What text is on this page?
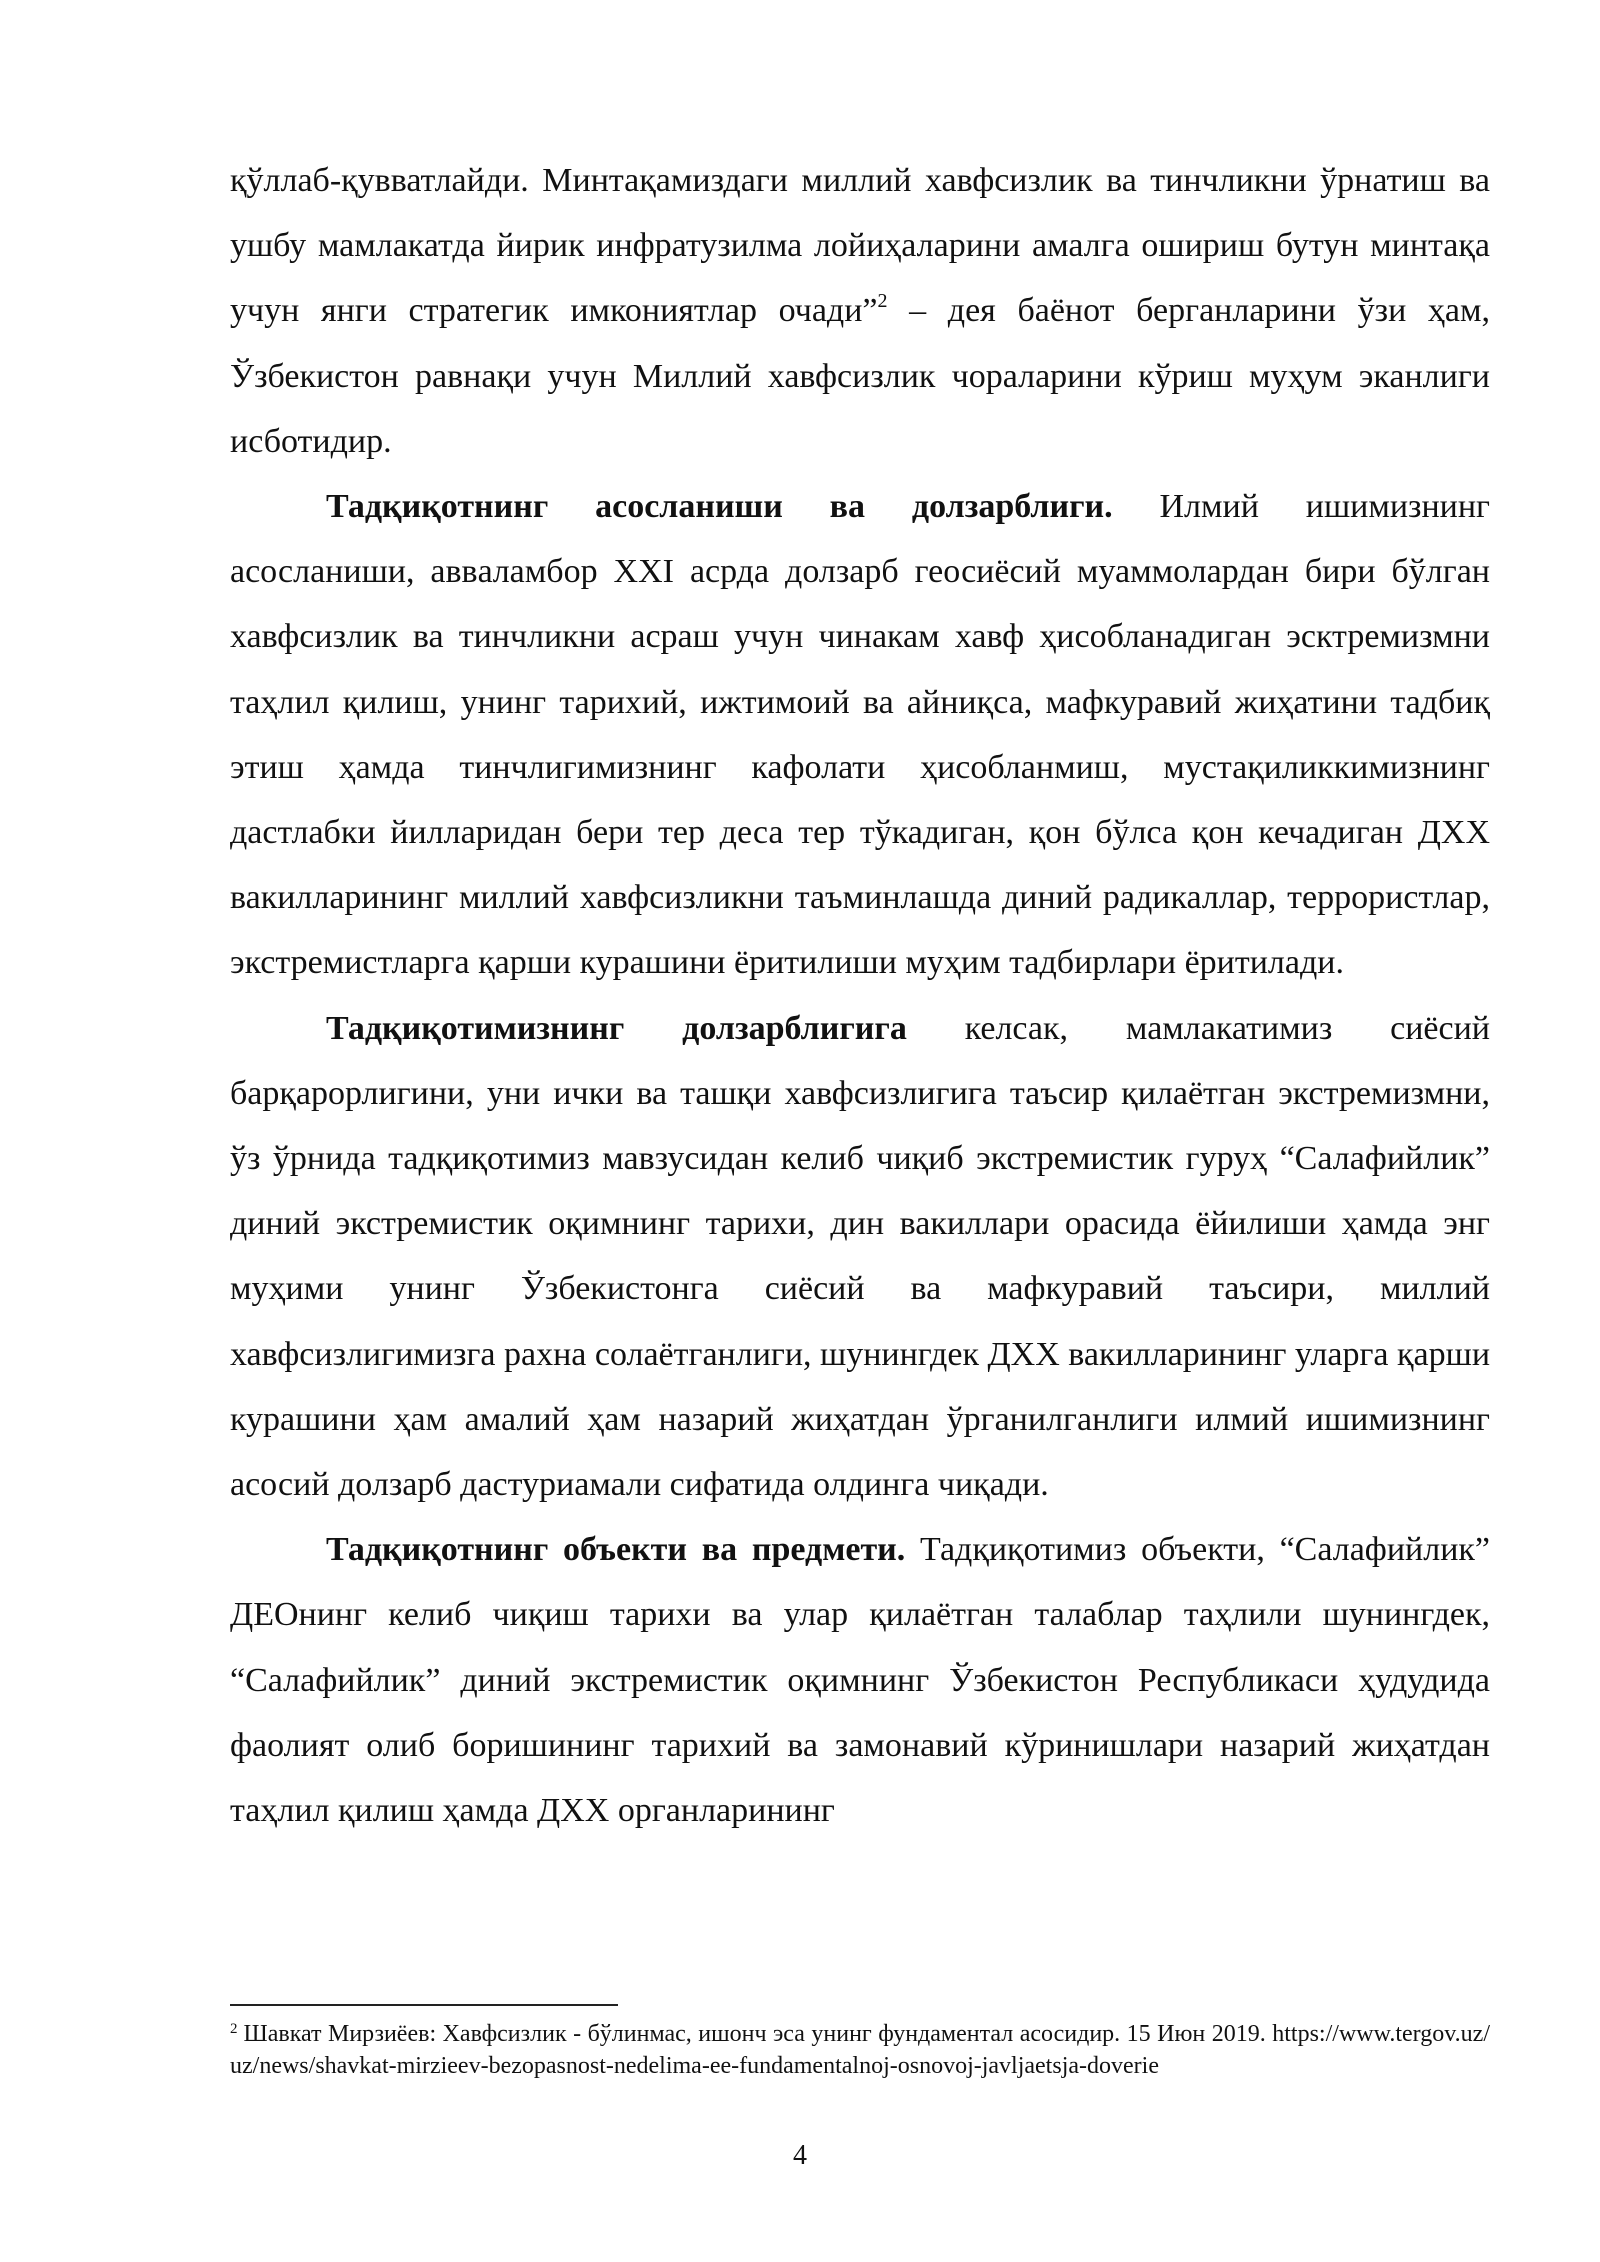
қўллаб-қувватлайди. Минтақамиздаги миллий хавфсизлик ва тинчликни ўрнатиш ва ушбу мамлакатда йирик инфратузилма лойиҳаларини амалга ошириш бутун минтақа учун янги стратегик имкониятлар очади”$^2$ – дея баёнот берганларини ўзи ҳам, Ўзбекистон равнақи учун Миллий хавфсизлик чораларини кўриш муҳум эканлиги исботидир.

Тадқиқотнинг асосланиши ва долзарблиги. Илмий ишимизнинг асосланиши, аввaламбор XXI асрда долзарб геосиёсий муаммолардан бири бўлган хавфсизлик ва тинчликни асраш учун чинакам хавф ҳисобланадиган эсктремизмни таҳлил қилиш, унинг тарихий, ижтимоий ва айниқса, мафкуравий жиҳатини тадбиқ этиш ҳамда тинчлигимизнинг кафолати ҳисобланмиш, мустақиликкимизнинг дастлабки йилларидан бери тер деса тер тўкадиган, қон бўлса қон кечадиган ДХХ вакилларининг миллий хавфсизликни таъминлашда диний радикаллар, террористлар, экстремистларга қарши курашини ёритилиши муҳим тадбирлари ёритилади.

Тадқиқотимизнинг долзарблигига келсак, мамлакатимиз сиёсий барқарорлигини, уни ички ва ташқи хавфсизлигига таъсир қилаётган экстремизмни, ўз ўрнида тадқиқотимиз мавзусидан келиб чиқиб экстремистик гуруҳ “Салафийлик” диний экстремистик оқимнинг тарихи, дин вакиллари орасида ёйилиши ҳамда энг муҳими унинг Ўзбекистонга сиёсий ва мафкуравий таъсири, миллий хавфсизлигимизга рахна солаётганлиги, шунингдек ДХХ вакилларининг уларга қарши курашини ҳам амалий ҳам назарий жиҳатдан ўрганилганлиги илмий ишимизнинг асосий долзарб дастуриамали сифатида олдинга чиқади.

Тадқиқотнинг объекти ва предмети. Тадқиқотимиз объекти, “Салафийлик” ДЕОнинг келиб чиқиш тарихи ва улар қилаётган талаблар таҳлили шунингдек, “Салафийлик” диний экстремистик оқимнинг Ўзбекистон Республикаси ҳудудида фаолият олиб боришининг тарихий ва замонавий кўринишлари назарий жиҳатдан таҳлил қилиш ҳамда ДХХ органларининг

$^2$ Шавкат Мирзиёев: Хавфсизлик - бўлинмас, ишонч эса унинг фундаментал асосидир. 15 Июн 2019. https://www.tergov.uz/uz/news/shavkat-mirzieev-bezopasnost-nedelima-ee-fundamentalnoj-osnovoj-javljaetsja-doverie

4
